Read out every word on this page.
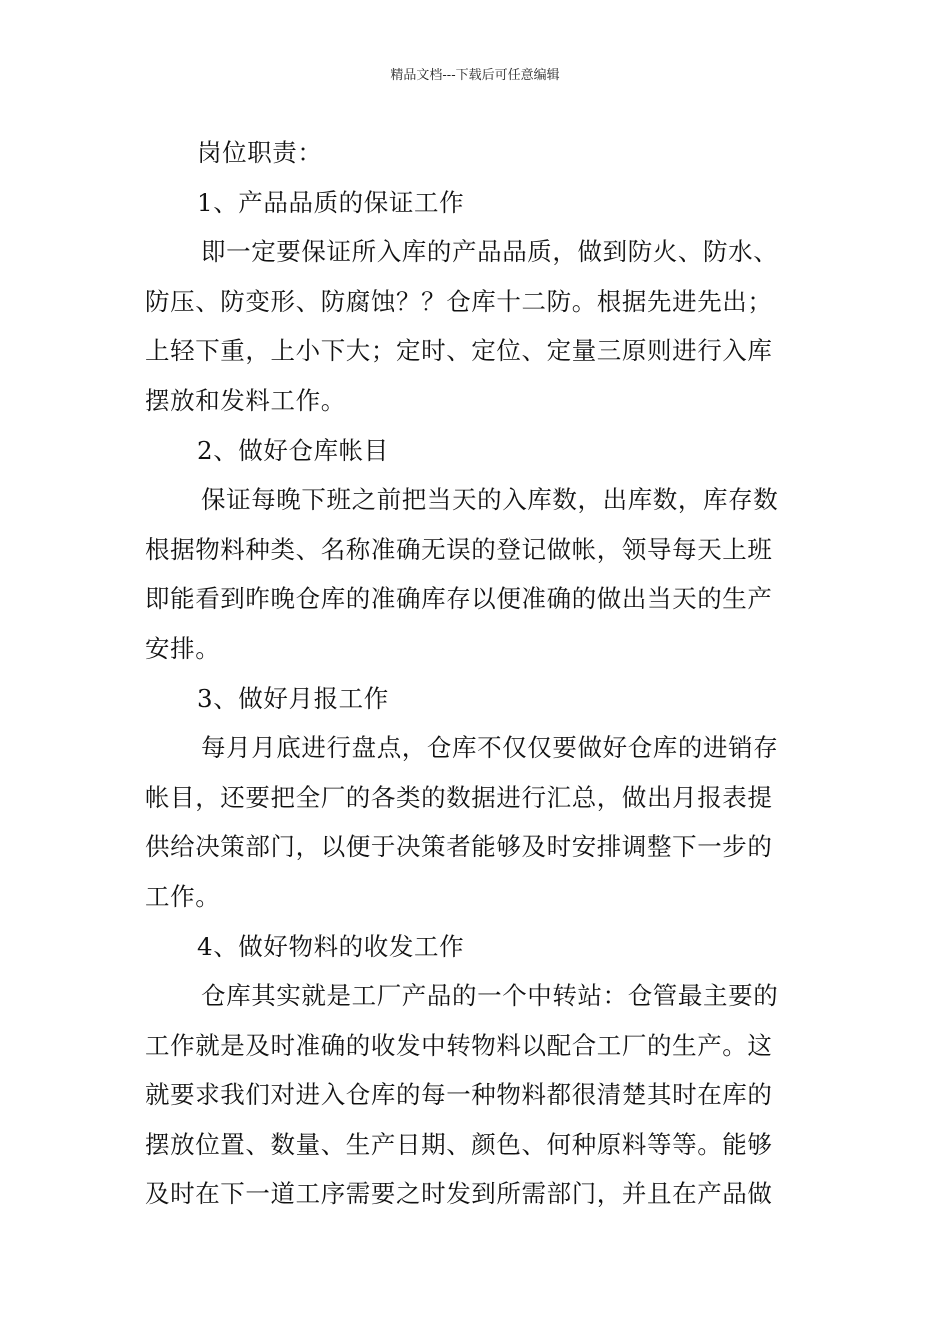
精品文档---下载后可任意编辑
岗位职责：
1、产品品质的保证工作
即一定要保证所入库的产品品质，做到防火、防水、
防压、防变形、防腐蚀？？仓库十二防。根据先进先出；
上轻下重，上小下大；定时、定位、定量三原则进行入库
摆放和发料工作。
2、做好仓库帐目
保证每晚下班之前把当天的入库数，出库数，库存数
根据物料种类、名称准确无误的登记做帐，领导每天上班
即能看到昨晚仓库的准确库存以便准确的做出当天的生产
安排。
3、做好月报工作
每月月底进行盘点，仓库不仅仅要做好仓库的进销存
帐目，还要把全厂的各类的数据进行汇总，做出月报表提
供给决策部门，以便于决策者能够及时安排调整下一步的
工作。
4、做好物料的收发工作
仓库其实就是工厂产品的一个中转站：仓管最主要的
工作就是及时准确的收发中转物料以配合工厂的生产。这
就要求我们对进入仓库的每一种物料都很清楚其时在库的
摆放位置、数量、生产日期、颜色、何种原料等等。能够
及时在下一道工序需要之时发到所需部门，并且在产品做
